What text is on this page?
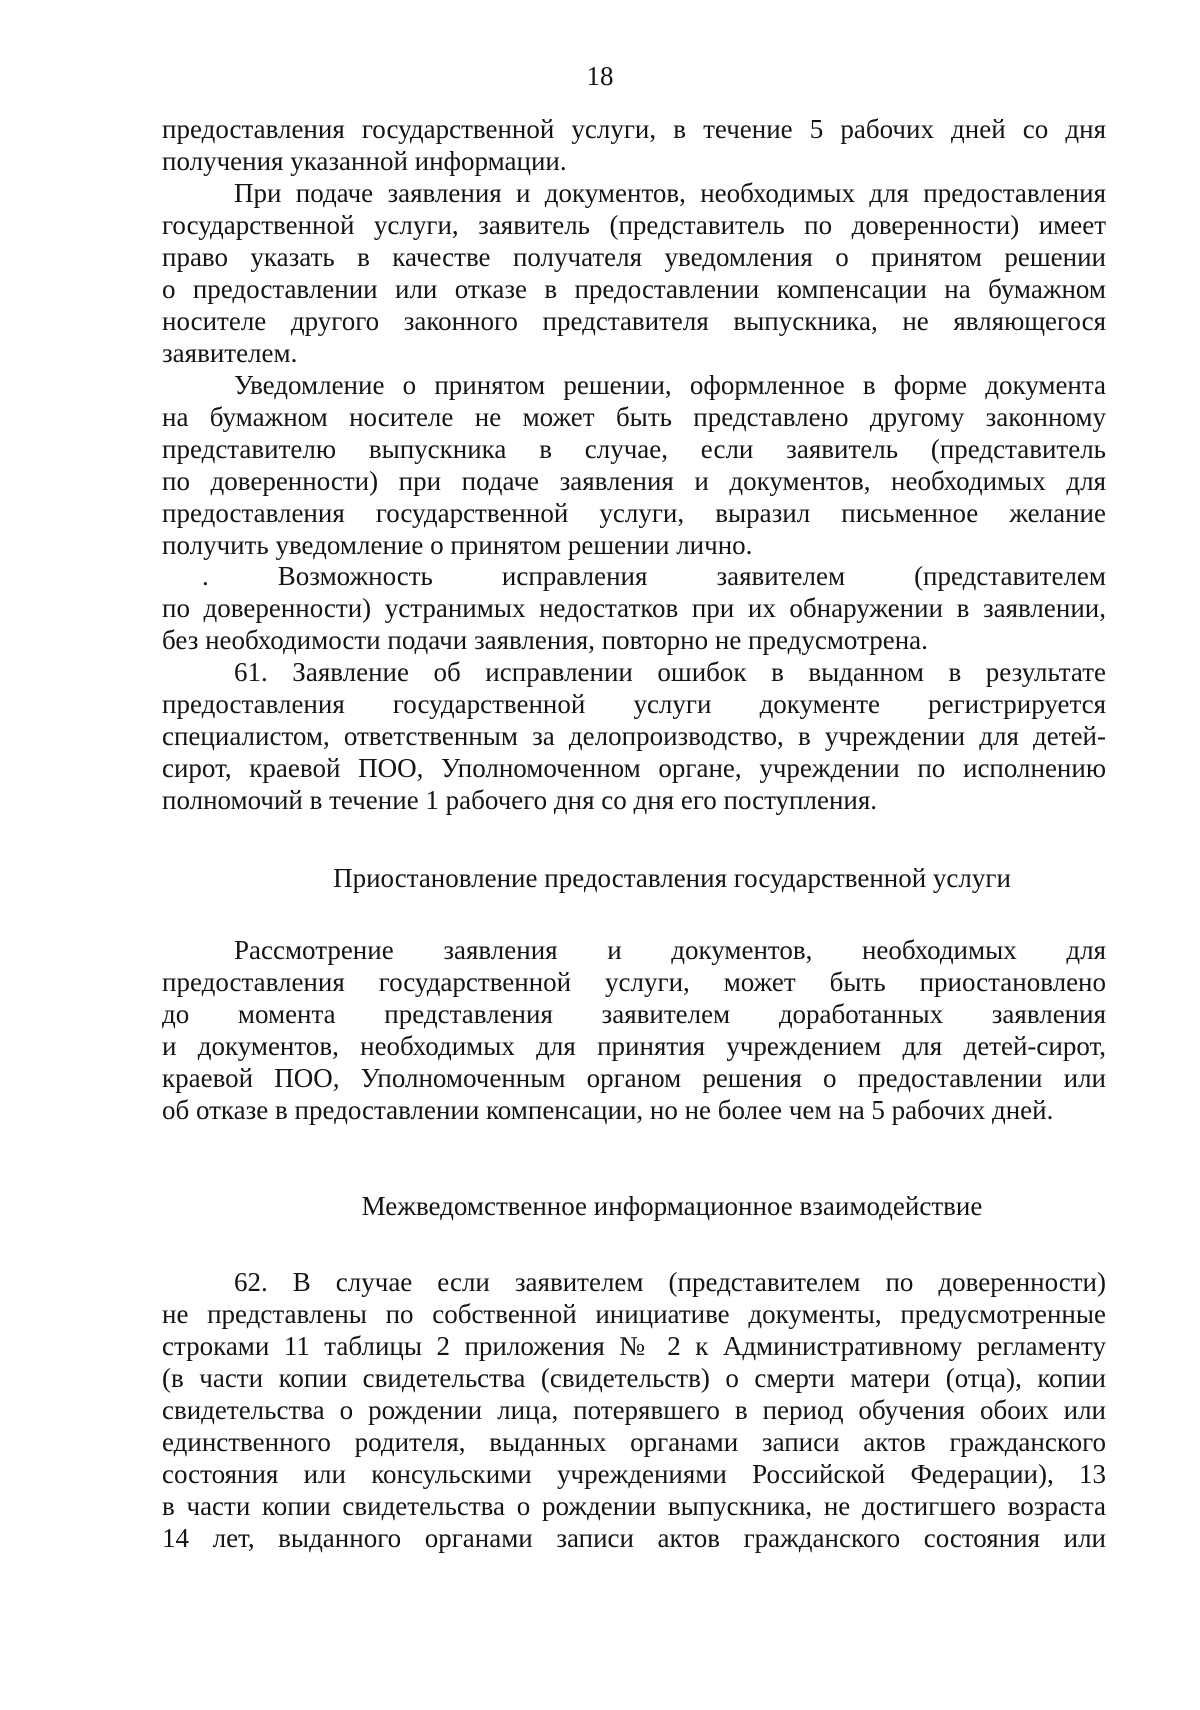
18
предоставления государственной услуги, в течение 5 рабочих дней со дня
получения указанной информации.
При подаче заявления и документов, необходимых для предоставления
государственной услуги, заявитель (представитель по доверенности) имеет
право указать в качестве получателя уведомления о принятом решении
о предоставлении или отказе в предоставлении компенсации на бумажном
носителе другого законного представителя выпускника, не являющегося
заявителем.
Уведомление о принятом решении, оформленное в форме документа
на бумажном носителе не может быть представлено другому законному
представителю выпускника в случае, если заявитель (представитель
по доверенности) при подаче заявления и документов, необходимых для
предоставления государственной услуги, выразил письменное желание
получить уведомление о принятом решении лично.
. Возможность исправления заявителем (представителем
по доверенности) устранимых недостатков при их обнаружении в заявлении,
без необходимости подачи заявления, повторно не предусмотрена.
61. Заявление об исправлении ошибок в выданном в результате
предоставления государственной услуги документе регистрируется
специалистом, ответственным за делопроизводство, в учреждении для детей-
сирот, краевой ПОО, Уполномоченном органе, учреждении по исполнению
полномочий в течение 1 рабочего дня со дня его поступления.
Приостановление предоставления государственной услуги
Рассмотрение заявления и документов, необходимых для
предоставления государственной услуги, может быть приостановлено
до момента представления заявителем доработанных заявления
и документов, необходимых для принятия учреждением для детей-сирот,
краевой ПОО, Уполномоченным органом решения о предоставлении или
об отказе в предоставлении компенсации, но не более чем на 5 рабочих дней.
Межведомственное информационное взаимодействие
62. В случае если заявителем (представителем по доверенности)
не представлены по собственной инициативе документы, предусмотренные
строками 11 таблицы 2 приложения № 2 к Административному регламенту
(в части копии свидетельства (свидетельств) о смерти матери (отца), копии
свидетельства о рождении лица, потерявшего в период обучения обоих или
единственного родителя, выданных органами записи актов гражданского
состояния или консульскими учреждениями Российской Федерации), 13
в части копии свидетельства о рождении выпускника, не достигшего возраста
14 лет, выданного органами записи актов гражданского состояния или
